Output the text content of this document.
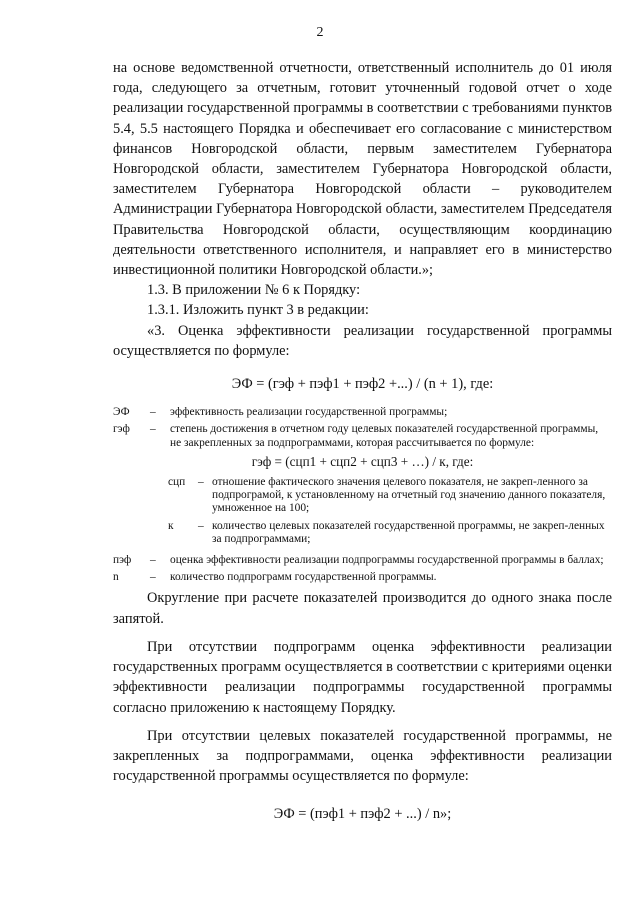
2

на основе ведомственной отчетности, ответственный исполнитель до 01 июля года, следующего за отчетным, готовит уточненный годовой отчет о ходе реализации государственной программы в соответствии с требованиями пунктов 5.4, 5.5 настоящего Порядка и обеспечивает его согласование с министерством финансов Новгородской области, первым заместителем Губернатора Новгородской области, заместителем Губернатора Новгородской области, заместителем Губернатора Новгородской области – руководителем Администрации Губернатора Новгородской области, заместителем Председателя Правительства Новгородской области, осуществляющим координацию деятельности ответственного исполнителя, и направляет его в министерство инвестиционной политики Новгородской области.»;

1.3. В приложении № 6 к Порядку:

1.3.1. Изложить пункт 3 в редакции:

«3. Оценка эффективности реализации государственной программы осуществляется по формуле:

ЭФ = (гэф + пэф1 + пэф2 +...) / (n + 1), где:
ЭФ	–	эффективность реализации государственной программы;
гэф	–	степень достижения в отчетном году целевых показателей государственной программы, не закрепленных за подпрограммами, которая рассчитывается по формуле:
гэф = (сцп1 + сцп2 + сцп3 + …) / к, где:
сцп	– отношение фактического значения целевого показателя, не закреп-ленного за подпрограмой, к установленному на отчетный год значению данного показателя, умноженное на 100;
к	– количество целевых показателей государственной программы, не закреп-ленных за подпрограммами;
пэф	–	оценка эффективности реализации подпрограммы государственной программы в баллах;
n	–	количество подпрограмм государственной программы.

Округление при расчете показателей производится до одного знака после запятой.

При отсутствии подпрограмм оценка эффективности реализации государственных программ осуществляется в соответствии с критериями оценки эффективности реализации подпрограммы государственной программы согласно приложению к настоящему Порядку.

При отсутствии целевых показателей государственной программы, не закрепленных за подпрограммами, оценка эффективности реализации государственной программы осуществляется по формуле:

ЭФ = (пэф1 + пэф2 + ...) / n»;
